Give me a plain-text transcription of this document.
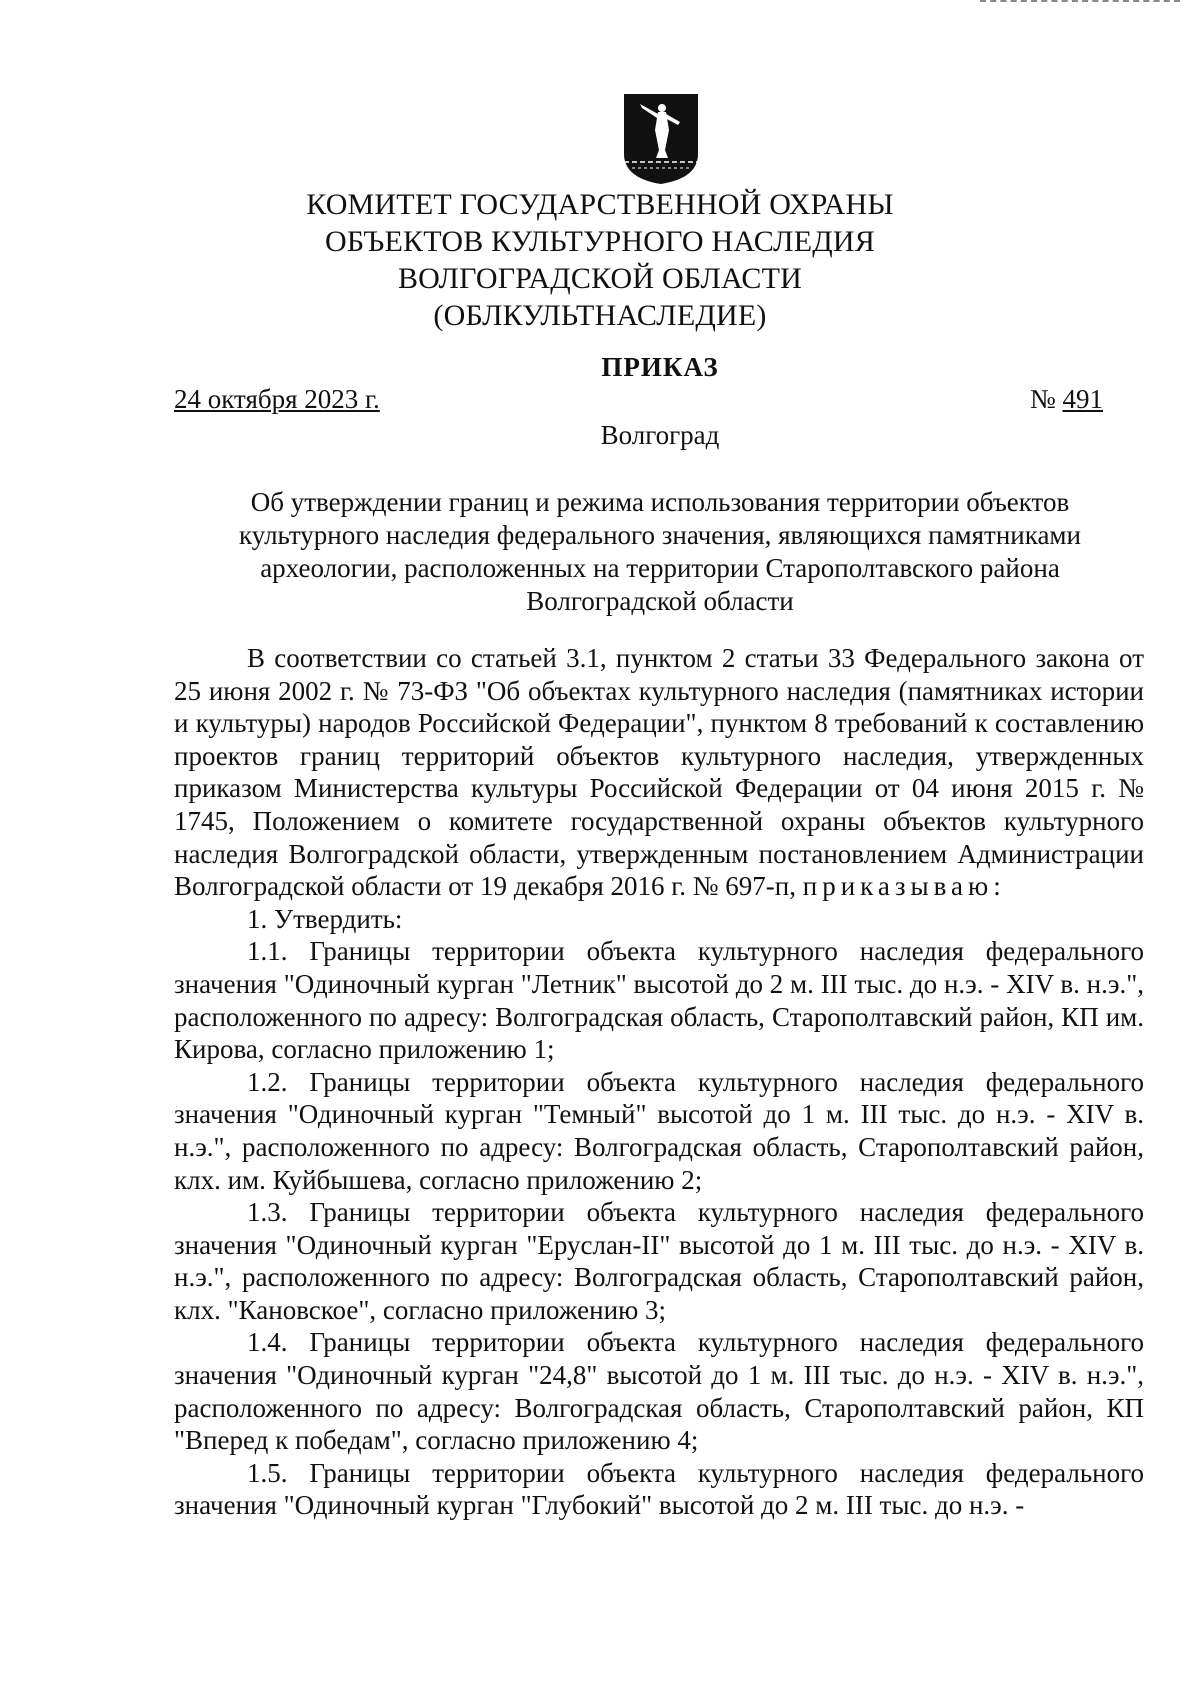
КОМИТЕТ ГОСУДАРСТВЕННОЙ ОХРАНЫ
ОБЪЕКТОВ КУЛЬТУРНОГО НАСЛЕДИЯ
ВОЛГОГРАДСКОЙ ОБЛАСТИ
(ОБЛКУЛЬТНАСЛЕДИЕ)
ПРИКАЗ
24 октября 2023 г.	№ 491
Волгоград
Об утверждении границ и режима использования территории объектов культурного наследия федерального значения, являющихся памятниками археологии, расположенных на территории Старополтавского района Волгоградской области

В соответствии со статьей 3.1, пунктом 2 статьи 33 Федерального закона от 25 июня 2002 г. № 73-ФЗ "Об объектах культурного наследия (памятниках истории и культуры) народов Российской Федерации", пунктом 8 требований к составлению проектов границ территорий объектов культурного наследия, утвержденных приказом Министерства культуры Российской Федерации от 04 июня 2015 г. № 1745, Положением о комитете государственной охраны объектов культурного наследия Волгоградской области, утвержденным постановлением Администрации Волгоградской области от 19 декабря 2016 г. № 697-п, приказываю:

1. Утвердить:

1.1. Границы территории объекта культурного наследия федерального значения "Одиночный курган "Летник" высотой до 2 м. III тыс. до н.э. - XIV в. н.э.", расположенного по адресу: Волгоградская область, Старополтавский район, КП им. Кирова, согласно приложению 1;

1.2. Границы территории объекта культурного наследия федерального значения "Одиночный курган "Темный" высотой до 1 м. III тыс. до н.э. - XIV в. н.э.", расположенного по адресу: Волгоградская область, Старополтавский район, клх. им. Куйбышева, согласно приложению 2;

1.3. Границы территории объекта культурного наследия федерального значения "Одиночный курган "Еруслан-II" высотой до 1 м. III тыс. до н.э. - XIV в. н.э.", расположенного по адресу: Волгоградская область, Старополтавский район, клх. "Кановское", согласно приложению 3;

1.4. Границы территории объекта культурного наследия федерального значения "Одиночный курган "24,8" высотой до 1 м. III тыс. до н.э. - XIV в. н.э.", расположенного по адресу: Волгоградская область, Старополтавский район, КП "Вперед к победам", согласно приложению 4;

1.5. Границы территории объекта культурного наследия федерального значения "Одиночный курган "Глубокий" высотой до 2 м. III тыс. до н.э. -
